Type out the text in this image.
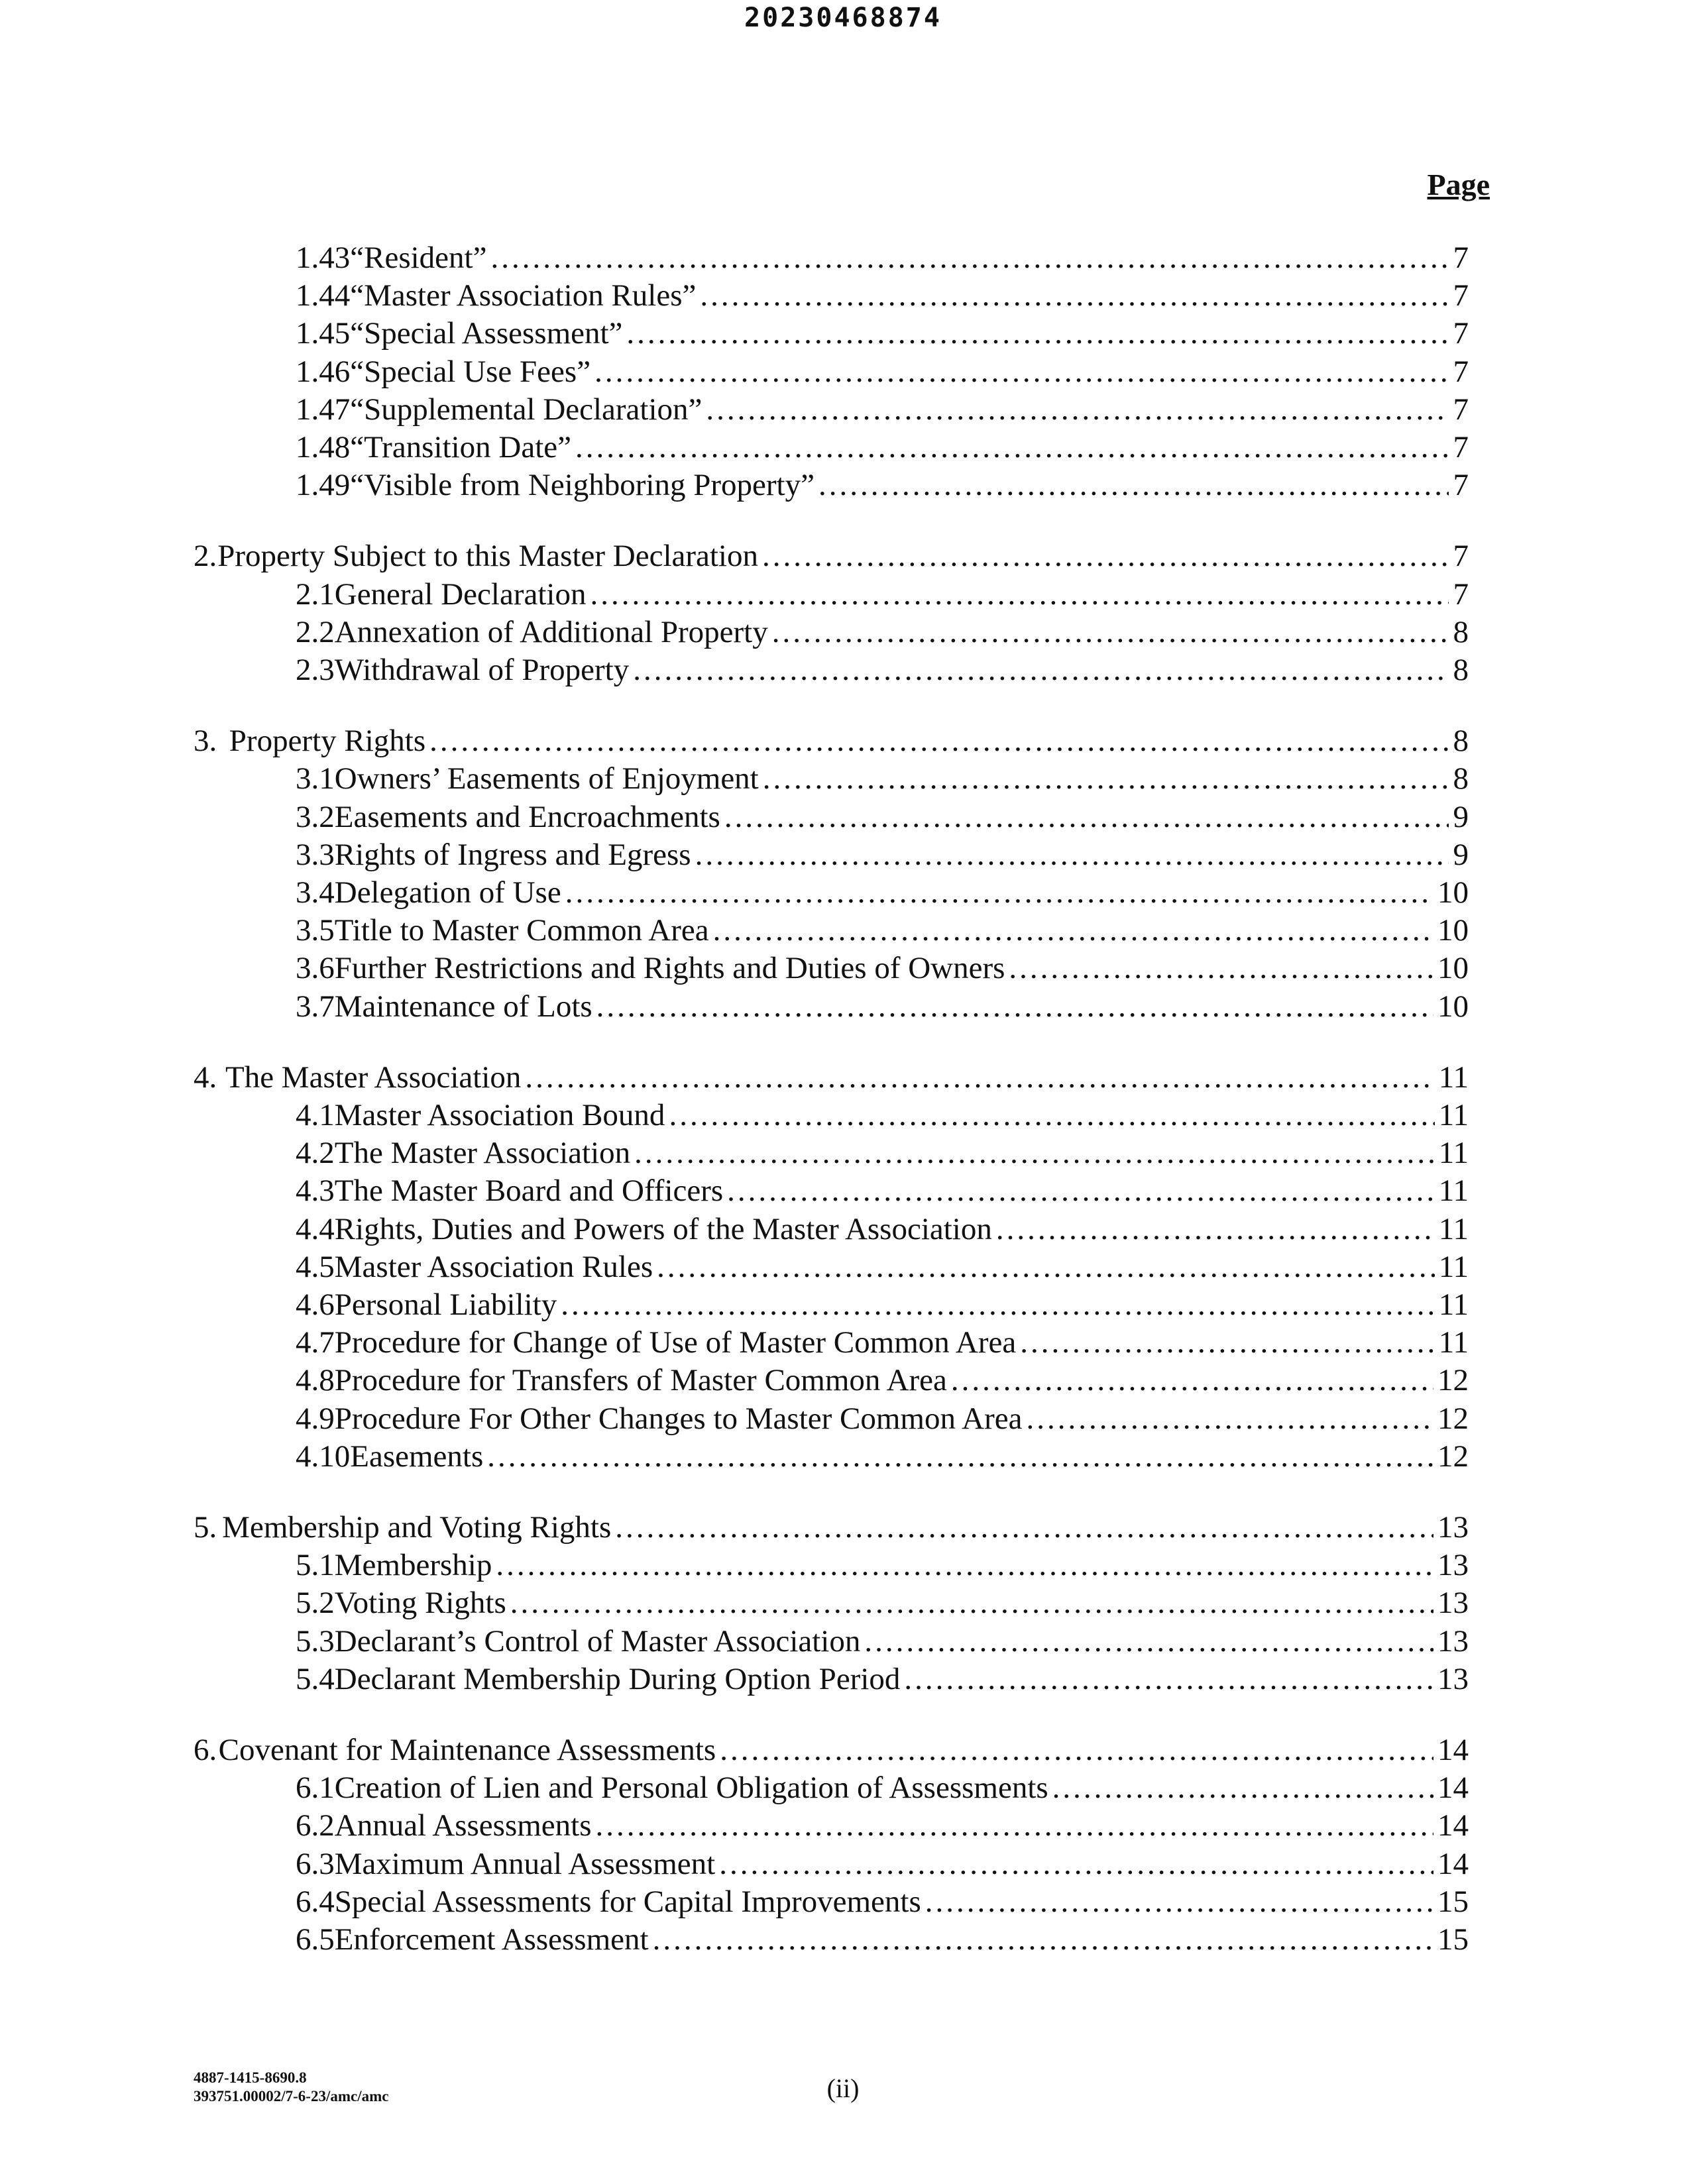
20230468874
Page
1.43 “Resident” .....	7
1.44 “Master Association Rules” .....	7
1.45 “Special Assessment” .....	7
1.46 “Special Use Fees” .....	7
1.47 “Supplemental Declaration” .....	7
1.48 “Transition Date” .....	7
1.49 “Visible from Neighboring Property” .....	7
2. Property Subject to this Master Declaration .....	7
2.1 General Declaration .....	7
2.2 Annexation of Additional Property .....	8
2.3 Withdrawal of Property .....	8
3. Property Rights .....	8
3.1 Owners’ Easements of Enjoyment .....	8
3.2 Easements and Encroachments .....	9
3.3 Rights of Ingress and Egress .....	9
3.4 Delegation of Use .....	10
3.5 Title to Master Common Area .....	10
3.6 Further Restrictions and Rights and Duties of Owners .....	10
3.7 Maintenance of Lots .....	10
4. The Master Association .....	11
4.1 Master Association Bound .....	11
4.2 The Master Association .....	11
4.3 The Master Board and Officers .....	11
4.4 Rights, Duties and Powers of the Master Association .....	11
4.5 Master Association Rules .....	11
4.6 Personal Liability .....	11
4.7 Procedure for Change of Use of Master Common Area .....	11
4.8 Procedure for Transfers of Master Common Area .....	12
4.9 Procedure For Other Changes to Master Common Area .....	12
4.10 Easements .....	12
5. Membership and Voting Rights .....	13
5.1 Membership .....	13
5.2 Voting Rights .....	13
5.3 Declarant’s Control of Master Association .....	13
5.4 Declarant Membership During Option Period .....	13
6. Covenant for Maintenance Assessments .....	14
6.1 Creation of Lien and Personal Obligation of Assessments .....	14
6.2 Annual Assessments .....	14
6.3 Maximum Annual Assessment .....	14
6.4 Special Assessments for Capital Improvements .....	15
6.5 Enforcement Assessment .....	15
4887-1415-8690.8
393751.00002/7-6-23/amc/amc	(ii)
